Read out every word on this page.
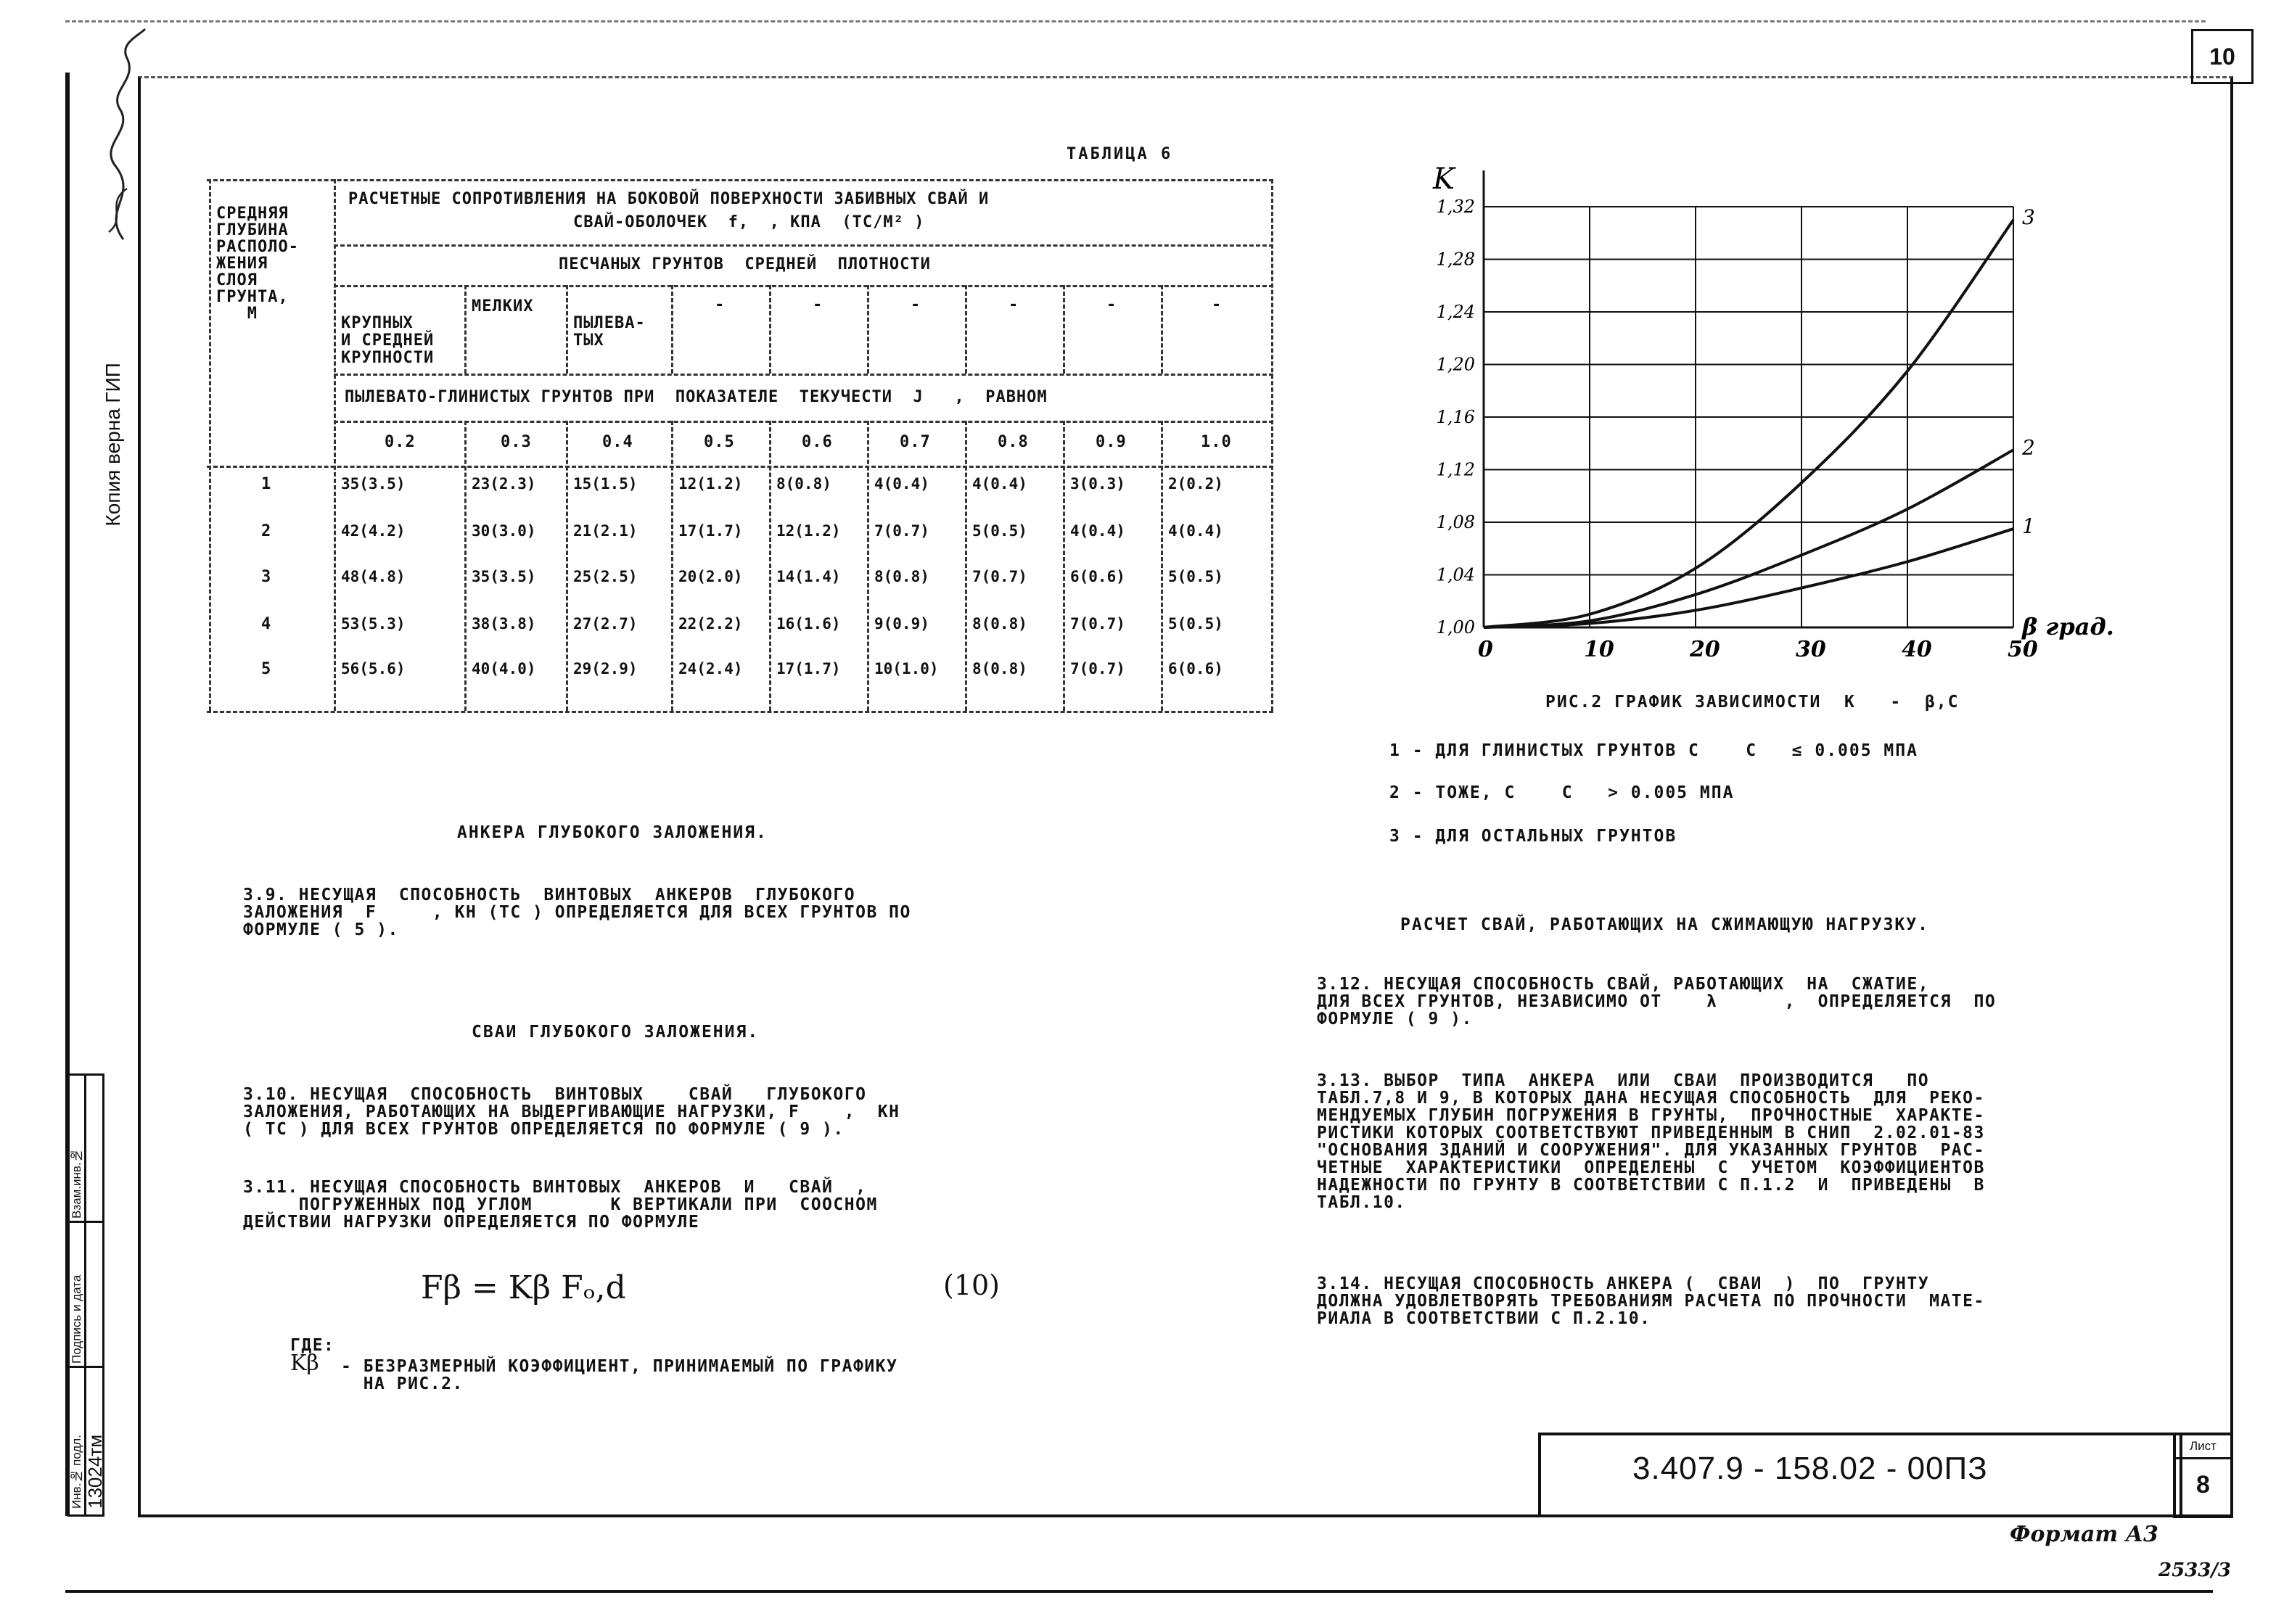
10
Копия верна ГИП
Взам.инв.№
Подпись и дата
Инв.№ подл. 13024тм
ТАБЛИЦА 6

СРЕДНЯЯ
ГЛУБИНА
РАСПОЛО-
ЖЕНИЯ
СЛОЯ
ГРУНТА,
М

РАСЧЕТНЫЕ СОПРОТИВЛЕНИЯ НА БОКОВОЙ ПОВЕРХНОСТИ ЗАБИВНЫХ СВАЙ И
СВАЙ-ОБОЛОЧЕК  f,  , КПА  (ТС/М² )
ПЕСЧАНЫХ ГРУНТОВ  СРЕДНЕЙ  ПЛОТНОСТИ

КРУПНЫХ
И СРЕДНЕЙ
КРУПНОСТИ

МЕЛКИХ

ПЫЛЕВА-
ТЫХ

-	-	-	-	-	-
ПЫЛЕВАТО-ГЛИНИСТЫХ ГРУНТОВ ПРИ  ПОКАЗАТЕЛЕ  ТЕКУЧЕСТИ  J   ,  РАВНОМ
0.2	0.3	0.4	0.5	0.6	0.7	0.8	0.9	1.0
1	35(3.5)	23(2.3) 15(1.5)	12(1.2) 8(0.8)	4(0.4)	4(0.4)	3(0.3)	2(0.2)
2	42(4.2)	30(3.0) 21(2.1)	17(1.7) 12(1.2) 7(0.7)	5(0.5)	4(0.4)	4(0.4)
3	48(4.8)	35(3.5) 25(2.5)	20(2.0) 14(1.4) 8(0.8)	7(0.7)	6(0.6)	5(0.5)
4	53(5.3)	38(3.8) 27(2.7)	22(2.2) 16(1.6) 9(0.9)	8(0.8)	7(0.7)	5(0.5)
5	56(5.6)	40(4.0) 29(2.9)	24(2.4) 17(1.7) 10(1.0) 8(0.8)	7(0.7)	6(0.6)
АНКЕРА ГЛУБОКОГО ЗАЛОЖЕНИЯ.
3.9. НЕСУЩАЯ  СПОСОБНОСТЬ  ВИНТОВЫХ  АНКЕРОВ  ГЛУБОКОГО
ЗАЛОЖЕНИЯ  F     , КН (ТС ) ОПРЕДЕЛЯЕТСЯ ДЛЯ ВСЕХ ГРУНТОВ ПО
ФОРМУЛЕ ( 5 ).
СВАИ ГЛУБОКОГО ЗАЛОЖЕНИЯ.
3.10. НЕСУЩАЯ  СПОСОБНОСТЬ  ВИНТОВЫХ    СВАЙ   ГЛУБОКОГО
ЗАЛОЖЕНИЯ, РАБОТАЮЩИХ НА ВЫДЕРГИВАЮЩИЕ НАГРУЗКИ, F    ,  КН
( ТС ) ДЛЯ ВСЕХ ГРУНТОВ ОПРЕДЕЛЯЕТСЯ ПО ФОРМУЛЕ ( 9 ).
3.11. НЕСУЩАЯ СПОСОБНОСТЬ ВИНТОВЫХ  АНКЕРОВ  И   СВАЙ  ,
ПОГРУЖЕННЫХ ПОД УГЛОМ       К ВЕРТИКАЛИ ПРИ  СООСНОМ
ДЕЙСТВИИ НАГРУЗКИ ОПРЕДЕЛЯЕТСЯ ПО ФОРМУЛЕ
Fβ = Kβ Fₒ,d	(10)
ГДЕ:
Kβ - БЕЗРАЗМЕРНЫЙ КОЭФФИЦИЕНТ, ПРИНИМАЕМЫЙ ПО ГРАФИКУ
НА РИС.2.
1,00
1,04
1,08
1,12
1,16
1,20
1,24
1,28
1,32
0	10	20	30	40	50
K
β град.
1
2
3
РИС.2 ГРАФИК ЗАВИСИМОСТИ  K   -  β,C
1 - ДЛЯ ГЛИНИСТЫХ ГРУНТОВ С    С   ≤ 0.005 МПА
2 - ТОЖЕ, С    С   > 0.005 МПА
3 - ДЛЯ ОСТАЛЬНЫХ ГРУНТОВ
РАСЧЕТ СВАЙ, РАБОТАЮЩИХ НА СЖИМАЮЩУЮ НАГРУЗКУ.
3.12. НЕСУЩАЯ СПОСОБНОСТЬ СВАЙ, РАБОТАЮЩИХ  НА  СЖАТИЕ,
ДЛЯ ВСЕХ ГРУНТОВ, НЕЗАВИСИМО ОТ    λ      ,  ОПРЕДЕЛЯЕТСЯ  ПО
ФОРМУЛЕ ( 9 ).
3.13. ВЫБОР  ТИПА  АНКЕРА  ИЛИ  СВАИ  ПРОИЗВОДИТСЯ   ПО
ТАБЛ.7,8 И 9, В КОТОРЫХ ДАНА НЕСУЩАЯ СПОСОБНОСТЬ  ДЛЯ  РЕКО-
МЕНДУЕМЫХ ГЛУБИН ПОГРУЖЕНИЯ В ГРУНТЫ,  ПРОЧНОСТНЫЕ  ХАРАКТЕ-
РИСТИКИ КОТОРЫХ СООТВЕТСТВУЮТ ПРИВЕДЕННЫМ В СНИП  2.02.01-83
"ОСНОВАНИЯ ЗДАНИЙ И СООРУЖЕНИЯ". ДЛЯ УКАЗАННЫХ ГРУНТОВ  РАС-
ЧЕТНЫЕ  ХАРАКТЕРИСТИКИ  ОПРЕДЕЛЕНЫ  С  УЧЕТОМ  КОЭФФИЦИЕНТОВ
НАДЕЖНОСТИ ПО ГРУНТУ В СООТВЕТСТВИИ С П.1.2  И  ПРИВЕДЕНЫ  В
ТАБЛ.10.
3.14. НЕСУЩАЯ СПОСОБНОСТЬ АНКЕРА (  СВАИ  )  ПО  ГРУНТУ
ДОЛЖНА УДОВЛЕТВОРЯТЬ ТРЕБОВАНИЯМ РАСЧЕТА ПО ПРОЧНОСТИ  МАТЕ-
РИАЛА В СООТВЕТСТВИИ С П.2.10.
3.407.9 - 158.02 - 00ПЗ
Лист
8
Формат А3
2533/3
